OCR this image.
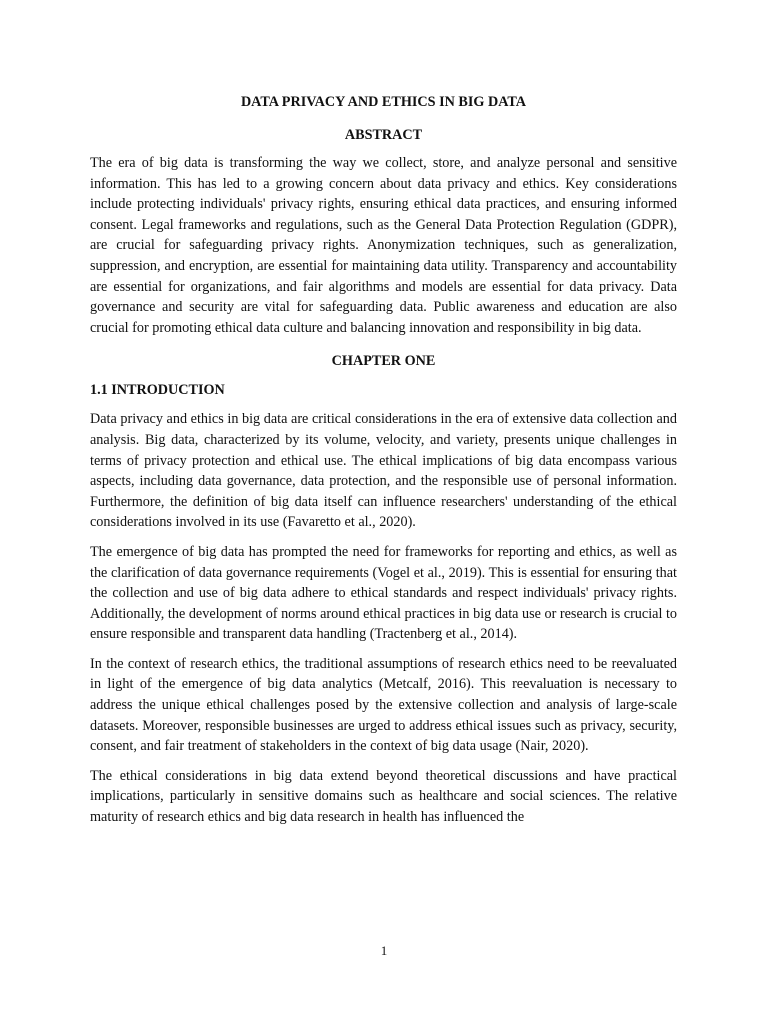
DATA PRIVACY AND ETHICS IN BIG DATA
ABSTRACT

The era of big data is transforming the way we collect, store, and analyze personal and sensitive information. This has led to a growing concern about data privacy and ethics. Key considerations include protecting individuals' privacy rights, ensuring ethical data practices, and ensuring informed consent. Legal frameworks and regulations, such as the General Data Protection Regulation (GDPR), are crucial for safeguarding privacy rights. Anonymization techniques, such as generalization, suppression, and encryption, are essential for maintaining data utility. Transparency and accountability are essential for organizations, and fair algorithms and models are essential for data privacy. Data governance and security are vital for safeguarding data. Public awareness and education are also crucial for promoting ethical data culture and balancing innovation and responsibility in big data.

CHAPTER ONE
1.1 INTRODUCTION

Data privacy and ethics in big data are critical considerations in the era of extensive data collection and analysis. Big data, characterized by its volume, velocity, and variety, presents unique challenges in terms of privacy protection and ethical use. The ethical implications of big data encompass various aspects, including data governance, data protection, and the responsible use of personal information. Furthermore, the definition of big data itself can influence researchers' understanding of the ethical considerations involved in its use (Favaretto et al., 2020).

The emergence of big data has prompted the need for frameworks for reporting and ethics, as well as the clarification of data governance requirements (Vogel et al., 2019). This is essential for ensuring that the collection and use of big data adhere to ethical standards and respect individuals' privacy rights. Additionally, the development of norms around ethical practices in big data use or research is crucial to ensure responsible and transparent data handling (Tractenberg et al., 2014).

In the context of research ethics, the traditional assumptions of research ethics need to be reevaluated in light of the emergence of big data analytics (Metcalf, 2016). This reevaluation is necessary to address the unique ethical challenges posed by the extensive collection and analysis of large-scale datasets. Moreover, responsible businesses are urged to address ethical issues such as privacy, security, consent, and fair treatment of stakeholders in the context of big data usage (Nair, 2020).

The ethical considerations in big data extend beyond theoretical discussions and have practical implications, particularly in sensitive domains such as healthcare and social sciences. The relative maturity of research ethics and big data research in health has influenced the

1
